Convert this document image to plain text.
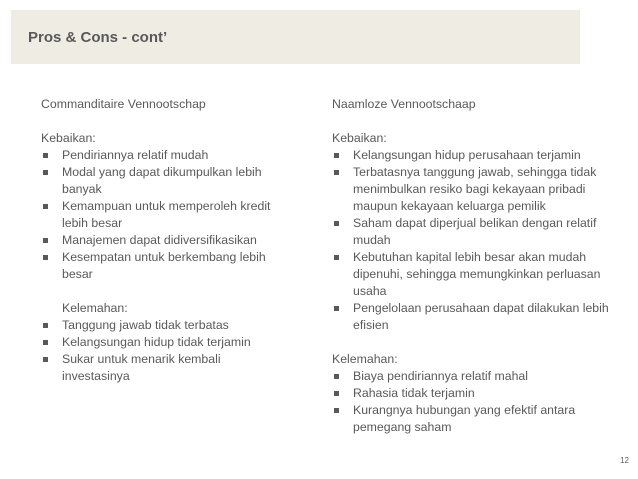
Pros & Cons - cont’
Commanditaire Vennootschap
Kebaikan:
Pendiriannya relatif mudah
Modal yang dapat dikumpulkan lebih banyak
Kemampuan untuk memperoleh kredit lebih besar
Manajemen dapat didiversifikasikan
Kesempatan untuk berkembang lebih besar
Kelemahan:
Tanggung jawab tidak terbatas
Kelangsungan hidup tidak terjamin
Sukar untuk menarik kembali investasinya
Naamloze Vennootschaap
Kebaikan:
Kelangsungan hidup perusahaan terjamin
Terbatasnya tanggung jawab, sehingga tidak menimbulkan resiko bagi kekayaan pribadi maupun kekayaan keluarga pemilik
Saham dapat diperjual belikan dengan relatif mudah
Kebutuhan kapital lebih besar akan mudah dipenuhi, sehingga memungkinkan perluasan usaha
Pengelolaan perusahaan dapat dilakukan lebih efisien
Kelemahan:
Biaya pendiriannya relatif mahal
Rahasia tidak terjamin
Kurangnya hubungan yang efektif antara pemegang saham
12
